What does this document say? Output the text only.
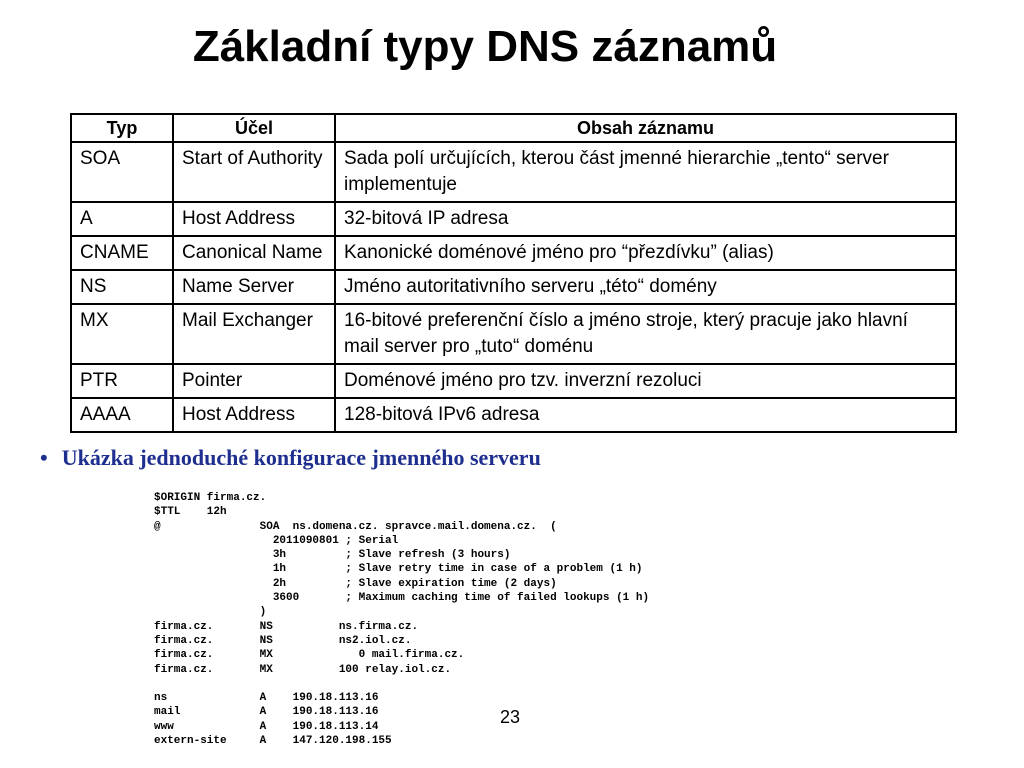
Základní typy DNS záznamů
Typ	Účel	Obsah záznamu
SOA	Start of Authority	Sada polí určujících, kterou část jmenné hierarchie „tento“ server implementuje
A	Host Address	32-bitová IP adresa
CNAME	Canonical Name	Kanonické doménové jméno pro “přezdívku” (alias)
NS	Name Server	Jméno autoritativního serveru „této“ domény
MX	Mail Exchanger	16-bitové preferenční číslo a jméno stroje, který pracuje jako hlavní mail server pro „tuto“ doménu
PTR	Pointer	Doménové jméno pro tzv. inverzní rezoluci
AAAA	Host Address	128-bitová IPv6 adresa
• Ukázka jednoduché konfigurace jmenného serveru
$ORIGIN firma.cz.
$TTL    12h
@               SOA  ns.domena.cz. spravce.mail.domena.cz.  (
2011090801 ; Serial
3h         ; Slave refresh (3 hours)
1h         ; Slave retry time in case of a problem (1 h)
2h         ; Slave expiration time (2 days)
3600       ; Maximum caching time of failed lookups (1 h)
)
firma.cz.       NS          ns.firma.cz.
firma.cz.       NS          ns2.iol.cz.
firma.cz.       MX             0 mail.firma.cz.
firma.cz.       MX          100 relay.iol.cz.

ns              A    190.18.113.16
mail            A    190.18.113.16
www             A    190.18.113.14
extern-site     A    147.120.198.155
23
